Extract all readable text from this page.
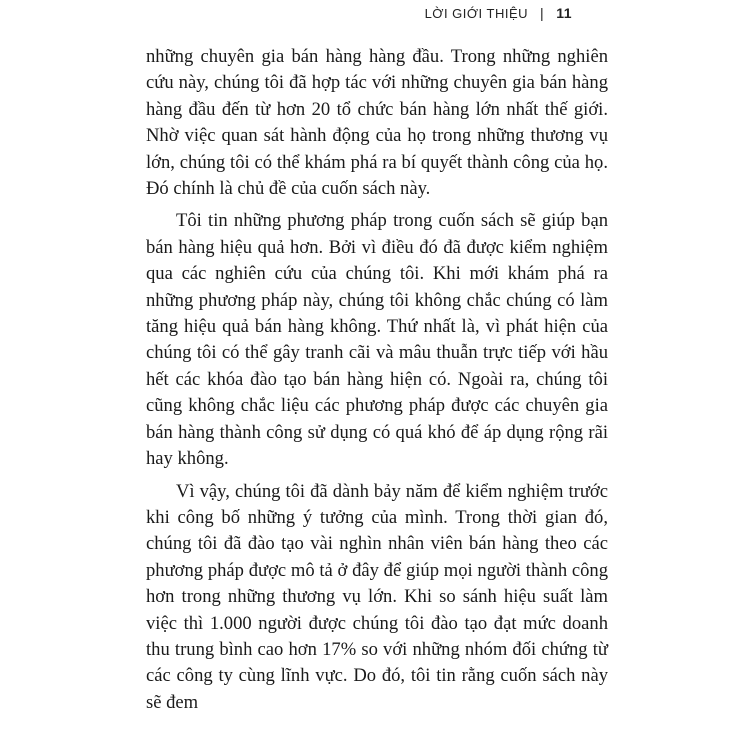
LỜI GIỚI THIỆU | 11

những chuyên gia bán hàng hàng đầu. Trong những nghiên cứu này, chúng tôi đã hợp tác với những chuyên gia bán hàng hàng đầu đến từ hơn 20 tổ chức bán hàng lớn nhất thế giới. Nhờ việc quan sát hành động của họ trong những thương vụ lớn, chúng tôi có thể khám phá ra bí quyết thành công của họ. Đó chính là chủ đề của cuốn sách này.

Tôi tin những phương pháp trong cuốn sách sẽ giúp bạn bán hàng hiệu quả hơn. Bởi vì điều đó đã được kiểm nghiệm qua các nghiên cứu của chúng tôi. Khi mới khám phá ra những phương pháp này, chúng tôi không chắc chúng có làm tăng hiệu quả bán hàng không. Thứ nhất là, vì phát hiện của chúng tôi có thể gây tranh cãi và mâu thuẫn trực tiếp với hầu hết các khóa đào tạo bán hàng hiện có. Ngoài ra, chúng tôi cũng không chắc liệu các phương pháp được các chuyên gia bán hàng thành công sử dụng có quá khó để áp dụng rộng rãi hay không.

Vì vậy, chúng tôi đã dành bảy năm để kiểm nghiệm trước khi công bố những ý tưởng của mình. Trong thời gian đó, chúng tôi đã đào tạo vài nghìn nhân viên bán hàng theo các phương pháp được mô tả ở đây để giúp mọi người thành công hơn trong những thương vụ lớn. Khi so sánh hiệu suất làm việc thì 1.000 người được chúng tôi đào tạo đạt mức doanh thu trung bình cao hơn 17% so với những nhóm đối chứng từ các công ty cùng lĩnh vực. Do đó, tôi tin rằng cuốn sách này sẽ đem
